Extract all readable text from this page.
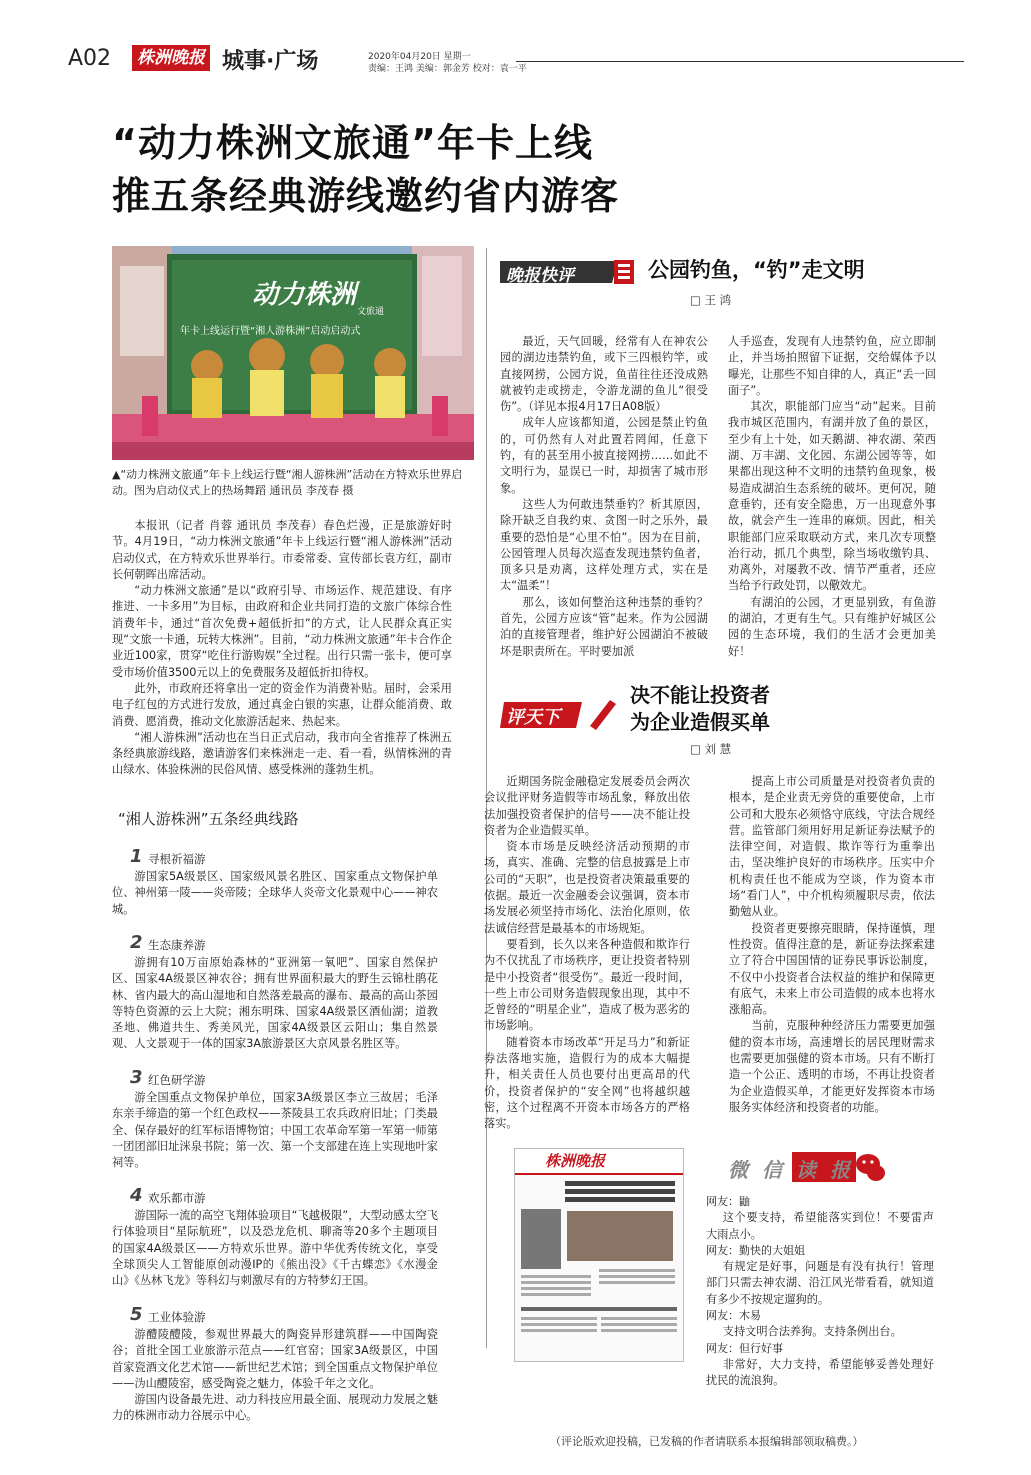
A02 株洲晚报 城事·广场	2020年04月20日 星期一
责编：王鸿 美编：郭金芳 校对：袁一平
“动力株洲文旅通”年卡上线
推五条经典游线邀约省内游客
动力株洲
文旅通
年卡上线运行暨“湘人游株洲”启动启动式
▲“动力株洲文旅通”年卡上线运行暨“湘人游株洲”活动在方特欢乐世界启动。图为启动仪式上的热场舞蹈 通讯员 李茂春 摄

本报讯（记者 肖蓉 通讯员 李茂春）春色烂漫，正是旅游好时节。4月19日，“动力株洲文旅通”年卡上线运行暨“湘人游株洲”活动启动仪式，在方特欢乐世界举行。市委常委、宣传部长袁方红，副市长何朝晖出席活动。

“动力株洲文旅通”是以“政府引导、市场运作、规范建设、有序推进、一卡多用”为目标，由政府和企业共同打造的文旅广体综合性消费年卡，通过“首次免费+超低折扣”的方式，让人民群众真正实现“文旅一卡通，玩转大株洲”。目前，“动力株洲文旅通”年卡合作企业近100家，贯穿“吃住行游购娱”全过程。出行只需一张卡，便可享受市场价值3500元以上的免费服务及超低折扣待权。

此外，市政府还将拿出一定的资金作为消费补贴。届时，会采用电子红包的方式进行发放，通过真金白银的实惠，让群众能消费、敢消费、愿消费，推动文化旅游活起来、热起来。

“湘人游株洲”活动也在当日正式启动，我市向全省推荐了株洲五条经典旅游线路，邀请游客们来株洲走一走、看一看，纵情株洲的青山绿水、体验株洲的民俗风情、感受株洲的蓬勃生机。

“湘人游株洲”五条经典线路
1 寻根祈福游

游国家5A级景区、国家级风景名胜区、国家重点文物保护单位、神州第一陵——炎帝陵；全球华人炎帝文化景观中心——神农城。

2 生态康养游

游拥有10万亩原始森林的“亚洲第一氧吧”、国家自然保护区、国家4A级景区神农谷；拥有世界面积最大的野生云锦杜鹃花林、省内最大的高山湿地和自然落差最高的瀑布、最高的高山茶园等特色资源的云上大院；湘东明珠、国家4A级景区酒仙湖；道教圣地、佛道共生、秀美风光，国家4A级景区云阳山；集自然景观、人文景观于一体的国家3A旅游景区大京风景名胜区等。

3 红色研学游

游全国重点文物保护单位，国家3A级景区李立三故居；毛泽东亲手缔造的第一个红色政权——茶陵县工农兵政府旧址；门类最全、保存最好的红军标语博物馆；中国工农革命军第一军第一师第一团团部旧址洣泉书院；第一次、第一个支部建在连上实现地叶家祠等。

4 欢乐都市游

游国际一流的高空飞翔体验项目“飞越极限”，大型动感太空飞行体验项目“星际航班”，以及恐龙危机、聊斋等20多个主题项目的国家4A级景区——方特欢乐世界。游中华优秀传统文化，享受全球顶尖人工智能原创动漫IP的《熊出没》《千古蝶恋》《水漫金山》《丛林飞龙》等科幻与刺激尽有的方特梦幻王国。

5 工业体验游

游醴陵醴陵，参观世界最大的陶瓷异形建筑群——中国陶瓷谷；首批全国工业旅游示范点——红官窑；国家3A级景区，中国首家瓷酒文化艺术馆——新世纪艺术馆；到全国重点文物保护单位——沩山醴陵窑，感受陶瓷之魅力，体验千年之文化。

游国内设备最先进、动力科技应用最全面、展现动力发展之魅力的株洲市动力谷展示中心。

晚报快评	公园钓鱼，“钓”走文明
□ 王 鸿

最近，天气回暖，经常有人在神农公园的湖边违禁钓鱼，或下三四根钓竿，或直接网捞，公园方说，鱼苗往往还没成熟就被钓走或捞走，令游龙湖的鱼儿“很受伤”。（详见本报4月17日A08版）

成年人应该都知道，公园是禁止钓鱼的，可仍然有人对此置若罔闻，任意下钓，有的甚至用小披直接网捞……如此不文明行为，显误已一时，却损害了城市形象。

这些人为何敢违禁垂钓？析其原因，除开缺乏自我约束、贪图一时之乐外，最重要的恐怕是“心里不怕”。因为在目前，公园管理人员每次巡查发现违禁钓鱼者，顶多只是劝离，这样处理方式，实在是太“温柔”！

那么，该如何整治这种违禁的垂钓？首先，公园方应该“管”起来。作为公园湖泊的直接管理者，维护好公园湖泊不被破坏是职责所在。平时要加派

人手巡查，发现有人违禁钓鱼，应立即制止，并当场拍照留下证据，交给媒体予以曝光，让那些不知自律的人，真正“丢一回面子”。

其次，职能部门应当“动”起来。目前我市城区范围内，有湖并放了鱼的景区，至少有上十处，如天鹅湖、神农湖、荣西湖、万丰湖、文化园、东湖公园等等，如果都出现这种不文明的违禁钓鱼现象，极易造成湖泊生态系统的破坏。更何况，随意垂钓，还有安全隐患，万一出现意外事故，就会产生一连串的麻烦。因此，相关职能部门应采取联动方式，来几次专项整治行动，抓几个典型，除当场收缴钓具、劝离外，对屡教不改、情节严重者，还应当给予行政处罚，以儆效尤。

有湖泊的公园，才更显别致，有鱼游的湖泊，才更有生气。只有维护好城区公园的生态环境，我们的生活才会更加美好！

评天下
决不能让投资者
为企业造假买单
□ 刘 慧

近期国务院金融稳定发展委员会两次会议批评财务造假等市场乱象，释放出依法加强投资者保护的信号——决不能让投资者为企业造假买单。

资本市场是反映经济活动预期的市场，真实、准确、完整的信息披露是上市公司的“天职”，也是投资者决策最重要的依据。最近一次金融委会议强调，资本市场发展必须坚持市场化、法治化原则，依法诚信经营是最基本的市场规矩。

要看到，长久以来各种造假和欺诈行为不仅扰乱了市场秩序，更让投资者特别是中小投资者“很受伤”。最近一段时间，一些上市公司财务造假现象出现，其中不乏曾经的“明星企业”，造成了极为恶劣的市场影响。

随着资本市场改革“开足马力”和新证券法落地实施，造假行为的成本大幅提升，相关责任人员也要付出更高昂的代价，投资者保护的“安全网”也将越织越密，这个过程离不开资本市场各方的严格落实。

提高上市公司质量是对投资者负责的根本，是企业责无旁贷的重要使命，上市公司和大股东必须恪守底线，守法合规经营。监管部门须用好用足新证券法赋予的法律空间，对造假、欺诈等行为重拳出击，坚决维护良好的市场秩序。压实中介机构责任也不能成为空谈，作为资本市场“看门人”，中介机构须履职尽责，依法勤勉从业。

投资者更要擦亮眼睛，保持谨慎，理性投资。值得注意的是，新证券法探索建立了符合中国国情的证券民事诉讼制度，不仅中小投资者合法权益的维护和保障更有底气，未来上市公司造假的成本也将水涨船高。

当前，克服种种经济压力需要更加强健的资本市场，高速增长的居民理财需求也需要更加强健的资本市场。只有不断打造一个公正、透明的市场，不再让投资者为企业造假买单，才能更好发挥资本市场服务实体经济和投资者的功能。

株洲晚报	微信读报

网友：鼬

这个要支持，希望能落实到位！不要雷声大雨点小。

网友：勤快的大姐姐

有规定是好事，问题是有没有执行！管理部门只需去神农湖、沿江风光带看看，就知道有多少不按规定遛狗的。

网友：木易

支持文明合法养狗。支持条例出台。

网友：但行好事

非常好，大力支持，希望能够妥善处理好扰民的流浪狗。

（评论版欢迎投稿，已发稿的作者请联系本报编辑部领取稿费。）
